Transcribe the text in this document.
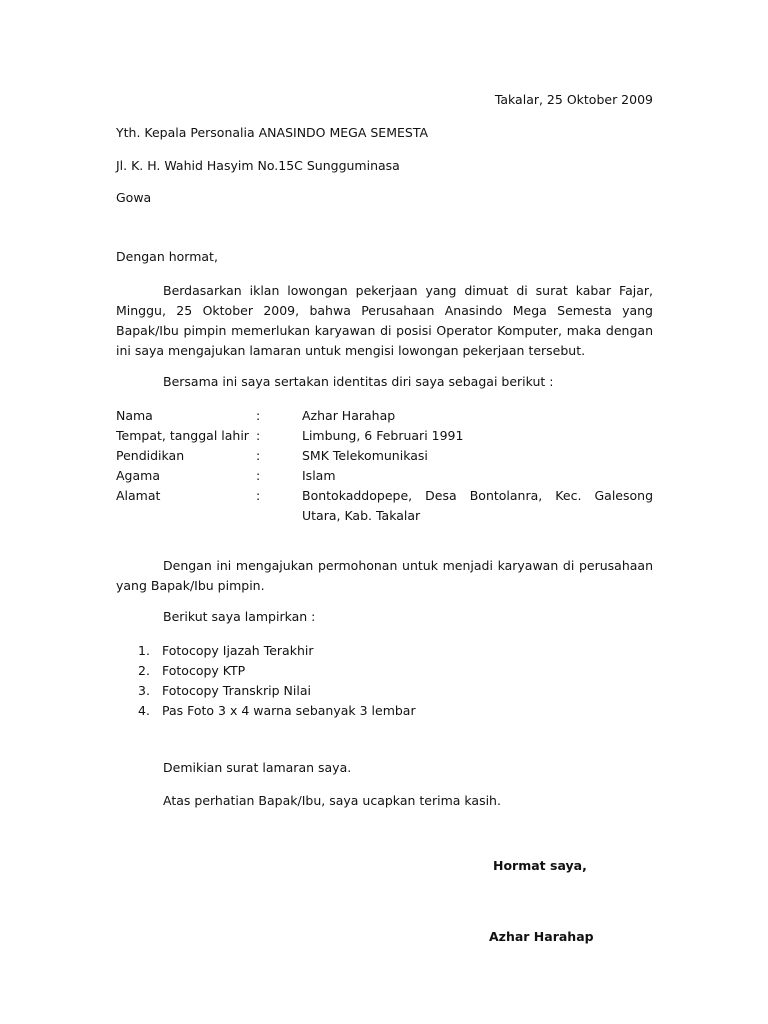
Takalar, 25 Oktober 2009
Yth. Kepala Personalia ANASINDO MEGA SEMESTA
Jl. K. H. Wahid Hasyim No.15C Sungguminasa
Gowa
Dengan hormat,
Berdasarkan iklan lowongan pekerjaan yang dimuat di surat kabar Fajar, Minggu, 25 Oktober 2009, bahwa Perusahaan Anasindo Mega Semesta yang Bapak/Ibu pimpin memerlukan karyawan di posisi Operator Komputer, maka dengan ini saya mengajukan lamaran untuk mengisi lowongan pekerjaan tersebut.
Bersama ini saya sertakan identitas diri saya sebagai berikut :
Nama	:	Azhar Harahap
Tempat, tanggal lahir :	Limbung, 6 Februari 1991
Pendidikan	:	SMK Telekomunikasi
Agama	:	Islam
Alamat	:	Bontokaddopepe, Desa Bontolanra, Kec. Galesong Utara, Kab. Takalar
Dengan ini mengajukan permohonan untuk menjadi karyawan di perusahaan yang Bapak/Ibu pimpin.
Berikut saya lampirkan :
1. Fotocopy Ijazah Terakhir
2. Fotocopy KTP
3. Fotocopy Transkrip Nilai
4. Pas Foto 3 x 4 warna sebanyak 3 lembar
Demikian surat lamaran saya.
Atas perhatian Bapak/Ibu, saya ucapkan terima kasih.
Hormat saya,
Azhar Harahap
